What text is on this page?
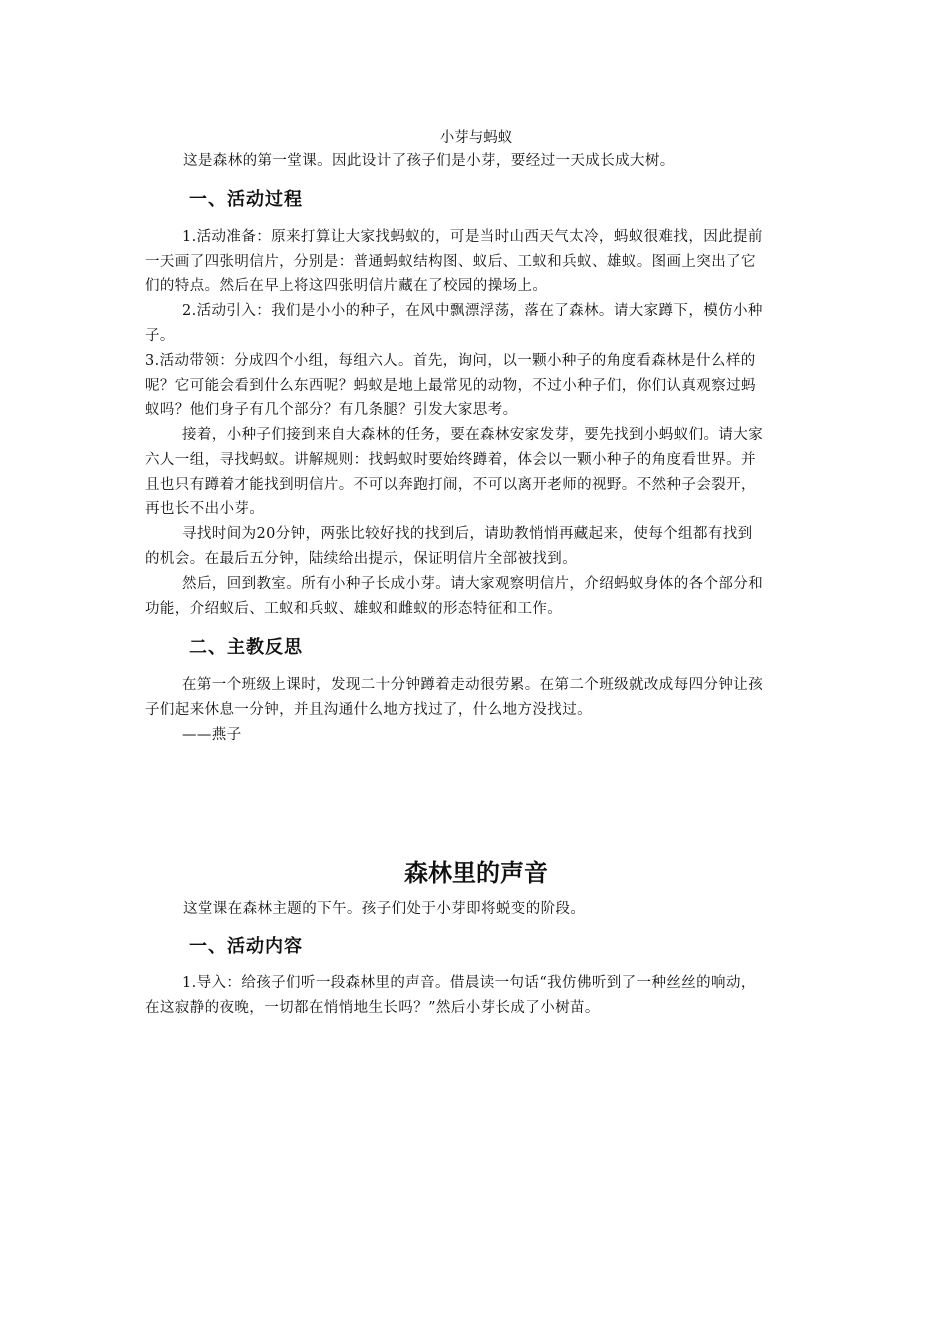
小芽与蚂蚁
这是森林的第一堂课。因此设计了孩子们是小芽，要经过一天成长成大树。
一、活动过程
1.活动准备：原来打算让大家找蚂蚁的，可是当时山西天气太冷，蚂蚁很难找，因此提前
一天画了四张明信片，分别是：普通蚂蚁结构图、蚁后、工蚁和兵蚁、雄蚁。图画上突出了它
们的特点。然后在早上将这四张明信片藏在了校园的操场上。
2.活动引入：我们是小小的种子，在风中飘漂浮荡，落在了森林。请大家蹲下，模仿小种
子。
3.活动带领：分成四个小组，每组六人。首先，询问，以一颗小种子的角度看森林是什么样的
呢？它可能会看到什么东西呢？蚂蚁是地上最常见的动物，不过小种子们，你们认真观察过蚂
蚁吗？他们身子有几个部分？有几条腿？引发大家思考。
接着，小种子们接到来自大森林的任务，要在森林安家发芽，要先找到小蚂蚁们。请大家
六人一组，寻找蚂蚁。讲解规则：找蚂蚁时要始终蹲着，体会以一颗小种子的角度看世界。并
且也只有蹲着才能找到明信片。不可以奔跑打闹，不可以离开老师的视野。不然种子会裂开，
再也长不出小芽。
寻找时间为20分钟，两张比较好找的找到后，请助教悄悄再藏起来，使每个组都有找到
的机会。在最后五分钟，陆续给出提示，保证明信片全部被找到。
然后，回到教室。所有小种子长成小芽。请大家观察明信片，介绍蚂蚁身体的各个部分和
功能，介绍蚁后、工蚁和兵蚁、雄蚁和雌蚁的形态特征和工作。
二、主教反思
在第一个班级上课时，发现二十分钟蹲着走动很劳累。在第二个班级就改成每四分钟让孩
子们起来休息一分钟，并且沟通什么地方找过了，什么地方没找过。
——燕子
森林里的声音
这堂课在森林主题的下午。孩子们处于小芽即将蜕变的阶段。
一、活动内容
1.导入：给孩子们听一段森林里的声音。借晨读一句话“我仿佛听到了一种丝丝的响动，
在这寂静的夜晚，一切都在悄悄地生长吗？”然后小芽长成了小树苗。
